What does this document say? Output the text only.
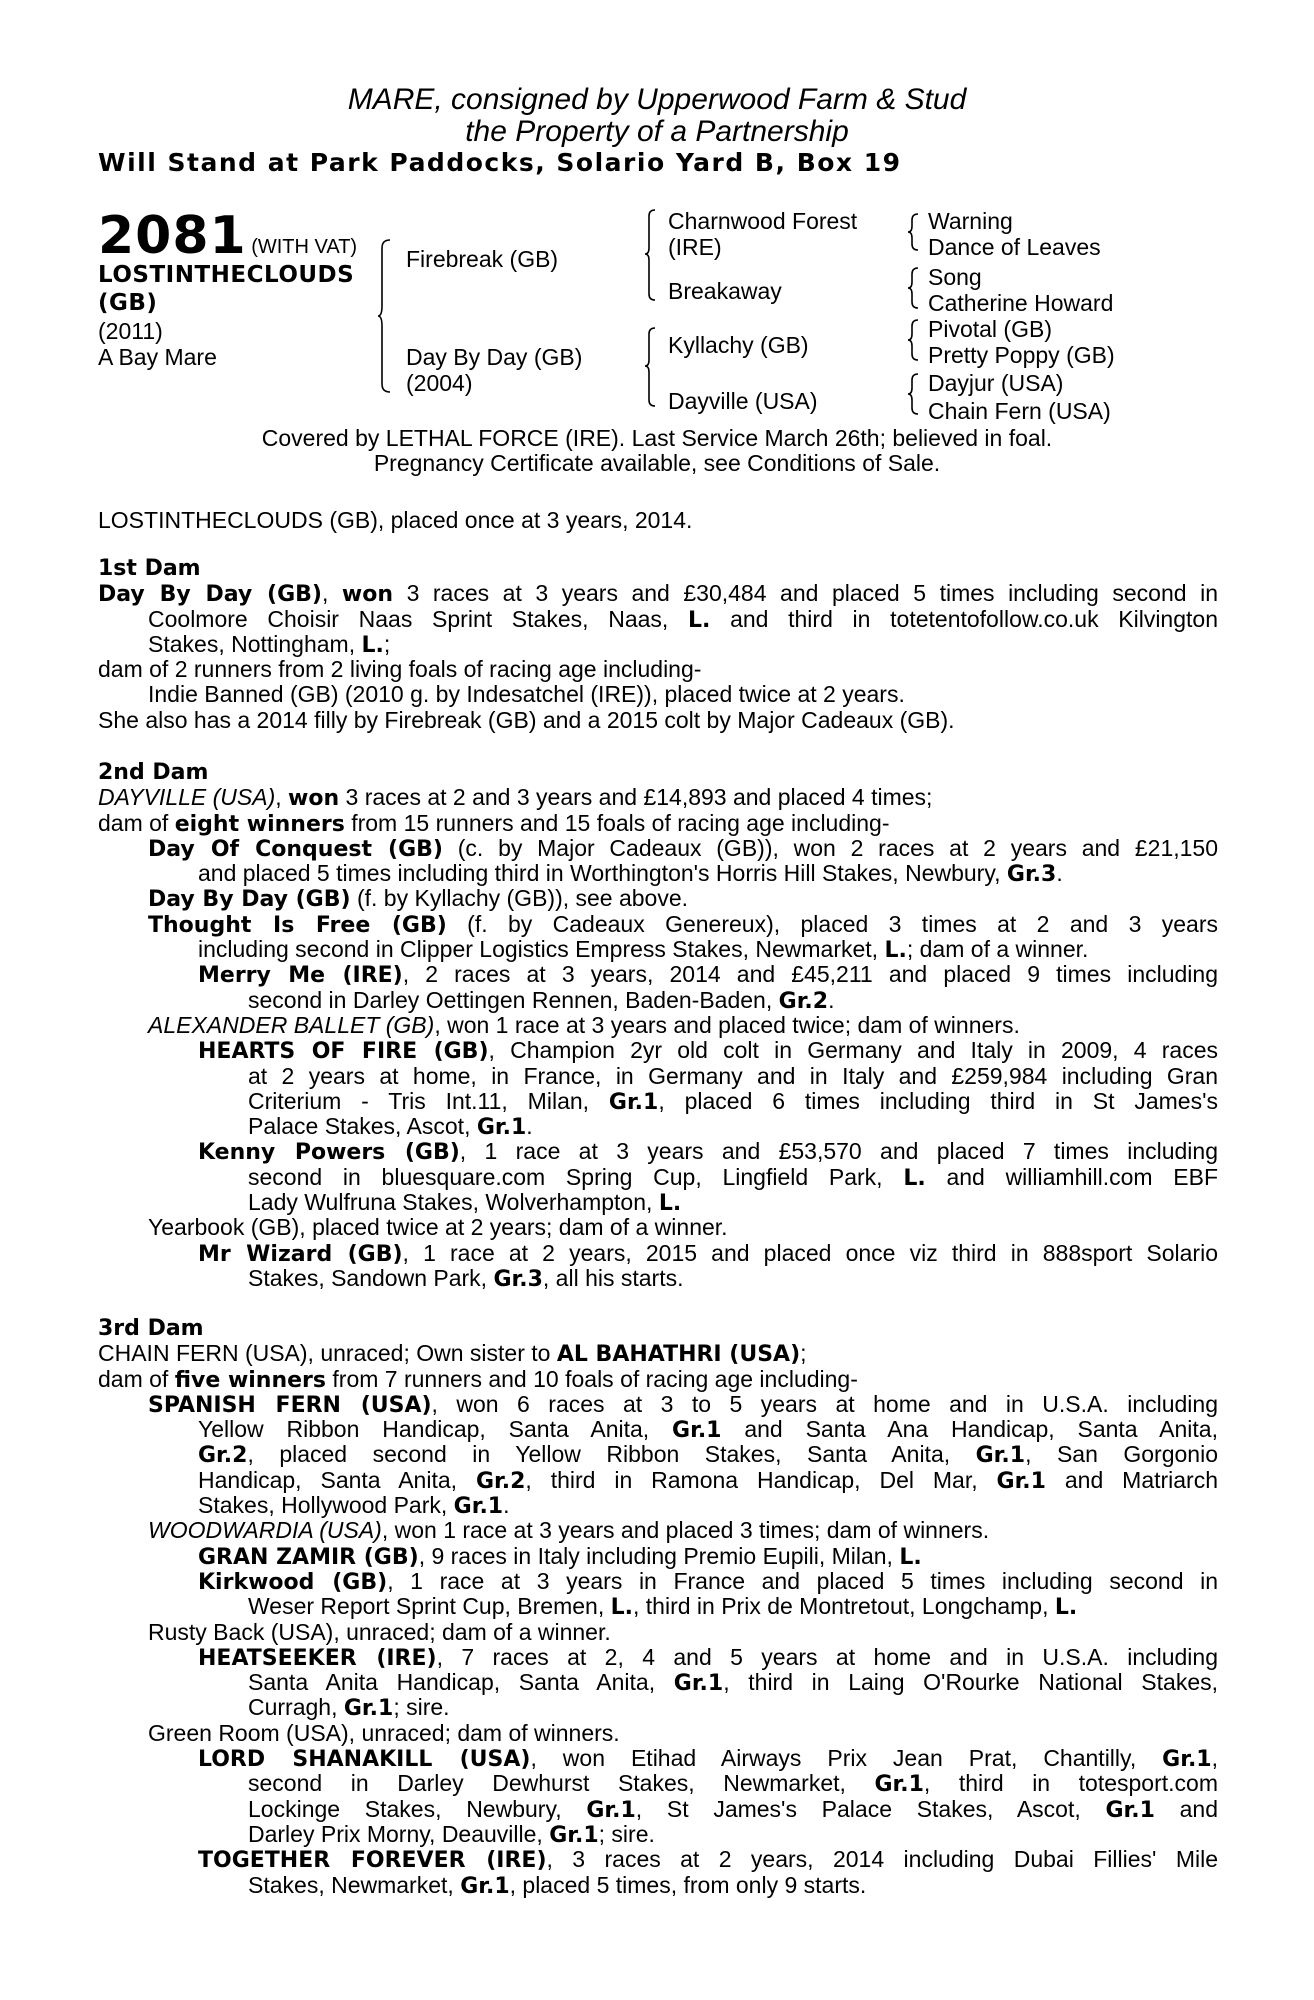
MARE, consigned by Upperwood Farm & Stud
the Property of a Partnership
Will Stand at Park Paddocks, Solario Yard B, Box 19
2081 (WITH VAT)
LOSTINTHECLOUDS
(GB)
(2011)
A Bay Mare
Firebreak (GB)
Day By Day (GB)
(2004)
Charnwood Forest
(IRE)
Breakaway
Kyllachy (GB)
Dayville (USA)
Warning
Dance of Leaves
Song
Catherine Howard
Pivotal (GB)
Pretty Poppy (GB)
Dayjur (USA)
Chain Fern (USA)
Covered by LETHAL FORCE (IRE). Last Service March 26th; believed in foal.
Pregnancy Certificate available, see Conditions of Sale.
LOSTINTHECLOUDS (GB), placed once at 3 years, 2014.
1st Dam
Day By Day (GB), won 3 races at 3 years and £30,484 and placed 5 times including second in
Coolmore Choisir Naas Sprint Stakes, Naas, L. and third in totetentofollow.co.uk Kilvington
Stakes, Nottingham, L.;
dam of 2 runners from 2 living foals of racing age including-
Indie Banned (GB) (2010 g. by Indesatchel (IRE)), placed twice at 2 years.
She also has a 2014 filly by Firebreak (GB) and a 2015 colt by Major Cadeaux (GB).
2nd Dam
DAYVILLE (USA), won 3 races at 2 and 3 years and £14,893 and placed 4 times;
dam of eight winners from 15 runners and 15 foals of racing age including-
Day Of Conquest (GB) (c. by Major Cadeaux (GB)), won 2 races at 2 years and £21,150
and placed 5 times including third in Worthington's Horris Hill Stakes, Newbury, Gr.3.
Day By Day (GB) (f. by Kyllachy (GB)), see above.
Thought Is Free (GB) (f. by Cadeaux Genereux), placed 3 times at 2 and 3 years
including second in Clipper Logistics Empress Stakes, Newmarket, L.; dam of a winner.
Merry Me (IRE), 2 races at 3 years, 2014 and £45,211 and placed 9 times including
second in Darley Oettingen Rennen, Baden-Baden, Gr.2.
ALEXANDER BALLET (GB), won 1 race at 3 years and placed twice; dam of winners.
HEARTS OF FIRE (GB), Champion 2yr old colt in Germany and Italy in 2009, 4 races
at 2 years at home, in France, in Germany and in Italy and £259,984 including Gran
Criterium - Tris Int.11, Milan, Gr.1, placed 6 times including third in St James's
Palace Stakes, Ascot, Gr.1.
Kenny Powers (GB), 1 race at 3 years and £53,570 and placed 7 times including
second in bluesquare.com Spring Cup, Lingfield Park, L. and williamhill.com EBF
Lady Wulfruna Stakes, Wolverhampton, L.
Yearbook (GB), placed twice at 2 years; dam of a winner.
Mr Wizard (GB), 1 race at 2 years, 2015 and placed once viz third in 888sport Solario
Stakes, Sandown Park, Gr.3, all his starts.
3rd Dam
CHAIN FERN (USA), unraced; Own sister to AL BAHATHRI (USA);
dam of five winners from 7 runners and 10 foals of racing age including-
SPANISH FERN (USA), won 6 races at 3 to 5 years at home and in U.S.A. including
Yellow Ribbon Handicap, Santa Anita, Gr.1 and Santa Ana Handicap, Santa Anita,
Gr.2, placed second in Yellow Ribbon Stakes, Santa Anita, Gr.1, San Gorgonio
Handicap, Santa Anita, Gr.2, third in Ramona Handicap, Del Mar, Gr.1 and Matriarch
Stakes, Hollywood Park, Gr.1.
WOODWARDIA (USA), won 1 race at 3 years and placed 3 times; dam of winners.
GRAN ZAMIR (GB), 9 races in Italy including Premio Eupili, Milan, L.
Kirkwood (GB), 1 race at 3 years in France and placed 5 times including second in
Weser Report Sprint Cup, Bremen, L., third in Prix de Montretout, Longchamp, L.
Rusty Back (USA), unraced; dam of a winner.
HEATSEEKER (IRE), 7 races at 2, 4 and 5 years at home and in U.S.A. including
Santa Anita Handicap, Santa Anita, Gr.1, third in Laing O'Rourke National Stakes,
Curragh, Gr.1; sire.
Green Room (USA), unraced; dam of winners.
LORD SHANAKILL (USA), won Etihad Airways Prix Jean Prat, Chantilly, Gr.1,
second in Darley Dewhurst Stakes, Newmarket, Gr.1, third in totesport.com
Lockinge Stakes, Newbury, Gr.1, St James's Palace Stakes, Ascot, Gr.1 and
Darley Prix Morny, Deauville, Gr.1; sire.
TOGETHER FOREVER (IRE), 3 races at 2 years, 2014 including Dubai Fillies' Mile
Stakes, Newmarket, Gr.1, placed 5 times, from only 9 starts.
